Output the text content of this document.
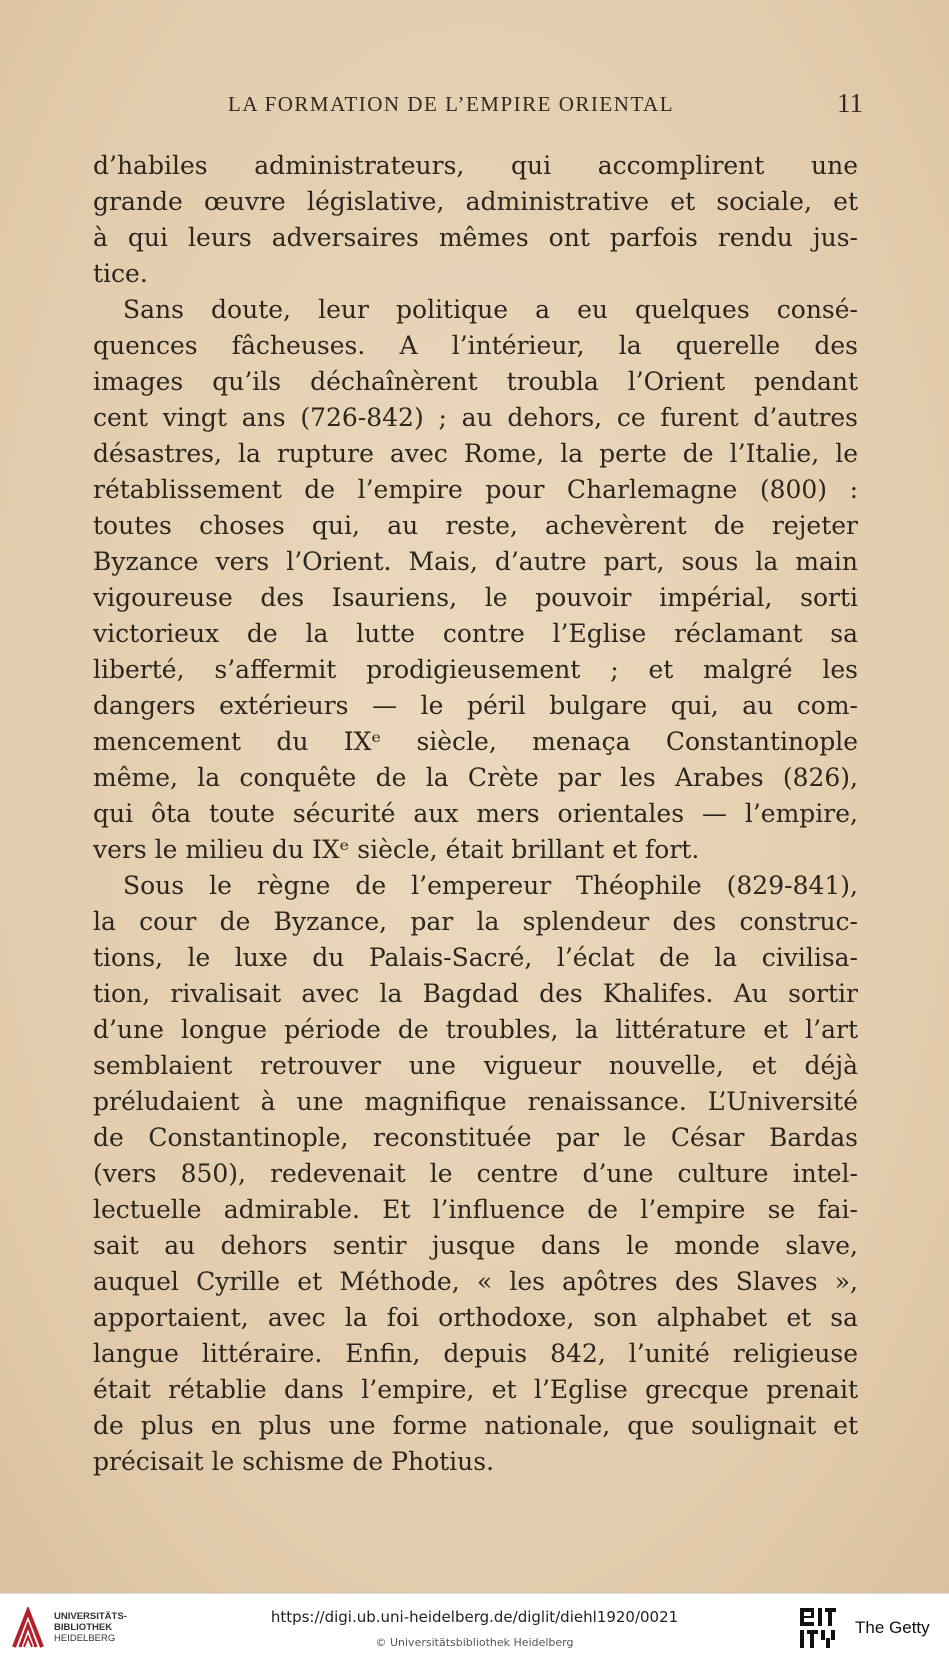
LA FORMATION DE L’EMPIRE ORIENTAL	11
d’habiles administrateurs, qui accomplirent une
grande œuvre législative, administrative et sociale, et
à qui leurs adversaires mêmes ont parfois rendu jus-
tice.
Sans doute, leur politique a eu quelques consé-
quences fâcheuses. A l’intérieur, la querelle des
images qu’ils déchaînèrent troubla l’Orient pendant
cent vingt ans (726-842) ; au dehors, ce furent d’autres
désastres, la rupture avec Rome, la perte de l’Italie, le
rétablissement de l’empire pour Charlemagne (800) :
toutes choses qui, au reste, achevèrent de rejeter
Byzance vers l’Orient. Mais, d’autre part, sous la main
vigoureuse des Isauriens, le pouvoir impérial, sorti
victorieux de la lutte contre l’Eglise réclamant sa
liberté, s’affermit prodigieusement ; et malgré les
dangers extérieurs — le péril bulgare qui, au com-
mencement du IXᵉ siècle, menaça Constantinople
même, la conquête de la Crète par les Arabes (826),
qui ôta toute sécurité aux mers orientales — l’empire,
vers le milieu du IXᵉ siècle, était brillant et fort.
Sous le règne de l’empereur Théophile (829-841),
la cour de Byzance, par la splendeur des construc-
tions, le luxe du Palais-Sacré, l’éclat de la civilisa-
tion, rivalisait avec la Bagdad des Khalifes. Au sortir
d’une longue période de troubles, la littérature et l’art
semblaient retrouver une vigueur nouvelle, et déjà
préludaient à une magnifique renaissance. L’Université
de Constantinople, reconstituée par le César Bardas
(vers 850), redevenait le centre d’une culture intel-
lectuelle admirable. Et l’influence de l’empire se fai-
sait au dehors sentir jusque dans le monde slave,
auquel Cyrille et Méthode, « les apôtres des Slaves »,
apportaient, avec la foi orthodoxe, son alphabet et sa
langue littéraire. Enfin, depuis 842, l’unité religieuse
était rétablie dans l’empire, et l’Eglise grecque prenait
de plus en plus une forme nationale, que soulignait et
précisait le schisme de Photius.
UNIVERSITÄTS-
BIBLIOTHEK
HEIDELBERG
https://digi.ub.uni-heidelberg.de/diglit/diehl1920/0021
© Universitätsbibliothek Heidelberg
The Getty
